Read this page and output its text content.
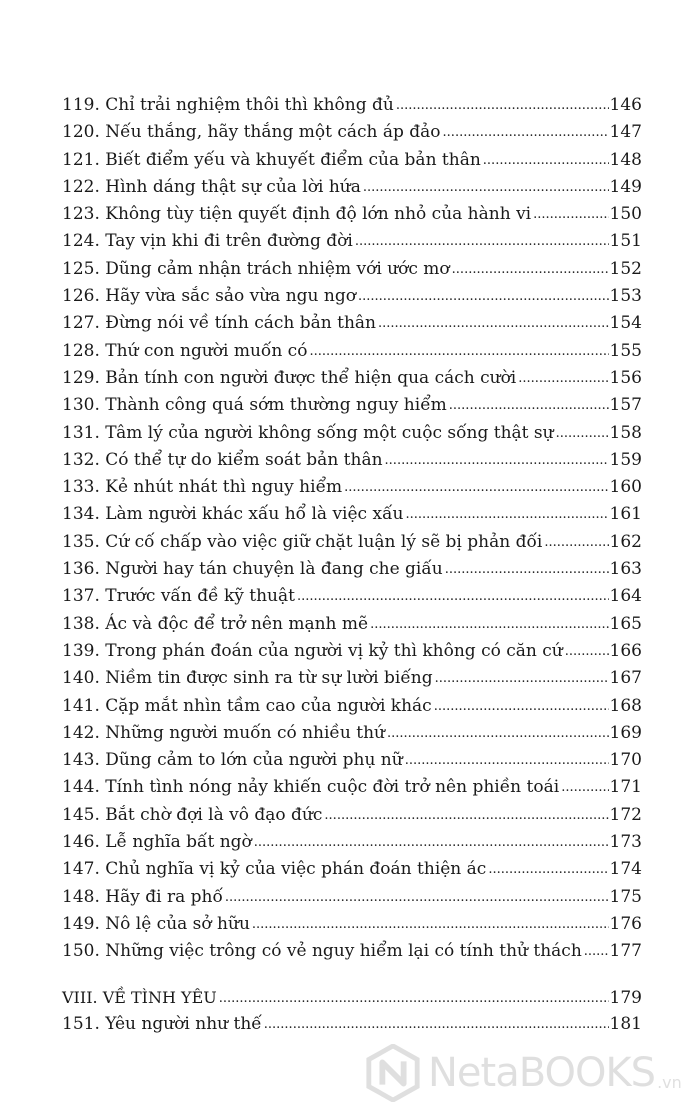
119. Chỉ trải nghiệm thôi thì không đủ .....	146
120. Nếu thắng, hãy thắng một cách áp đảo .....	147
121. Biết điểm yếu và khuyết điểm của bản thân .....	148
122. Hình dáng thật sự của lời hứa .....	149
123. Không tùy tiện quyết định độ lớn nhỏ của hành vi .....	150
124. Tay vịn khi đi trên đường đời .....	151
125. Dũng cảm nhận trách nhiệm với ước mơ .....	152
126. Hãy vừa sắc sảo vừa ngu ngơ .....	153
127. Đừng nói về tính cách bản thân .....	154
128. Thứ con người muốn có .....	155
129. Bản tính con người được thể hiện qua cách cười .....	156
130. Thành công quá sớm thường nguy hiểm .....	157
131. Tâm lý của người không sống một cuộc sống thật sự .....	158
132. Có thể tự do kiểm soát bản thân .....	159
133. Kẻ nhút nhát thì nguy hiểm .....	160
134. Làm người khác xấu hổ là việc xấu .....	161
135. Cứ cố chấp vào việc giữ chặt luận lý sẽ bị phản đối .....	162
136. Người hay tán chuyện là đang che giấu .....	163
137. Trước vấn đề kỹ thuật .....	164
138. Ác và độc để trở nên mạnh mẽ .....	165
139. Trong phán đoán của người vị kỷ thì không có căn cứ .....	166
140. Niềm tin được sinh ra từ sự lười biếng .....	167
141. Cặp mắt nhìn tầm cao của người khác .....	168
142. Những người muốn có nhiều thứ .....	169
143. Dũng cảm to lớn của người phụ nữ .....	170
144. Tính tình nóng nảy khiến cuộc đời trở nên phiền toái .....	171
145. Bắt chờ đợi là vô đạo đức .....	172
146. Lễ nghĩa bất ngờ .....	173
147. Chủ nghĩa vị kỷ của việc phán đoán thiện ác .....	174
148. Hãy đi ra phố .....	175
149. Nô lệ của sở hữu .....	176
150. Những việc trông có vẻ nguy hiểm lại có tính thử thách ..... 177
VIII. VỀ TÌNH YÊU .....	179
151. Yêu người như thế .....	181
NetaBOOKS .vn
